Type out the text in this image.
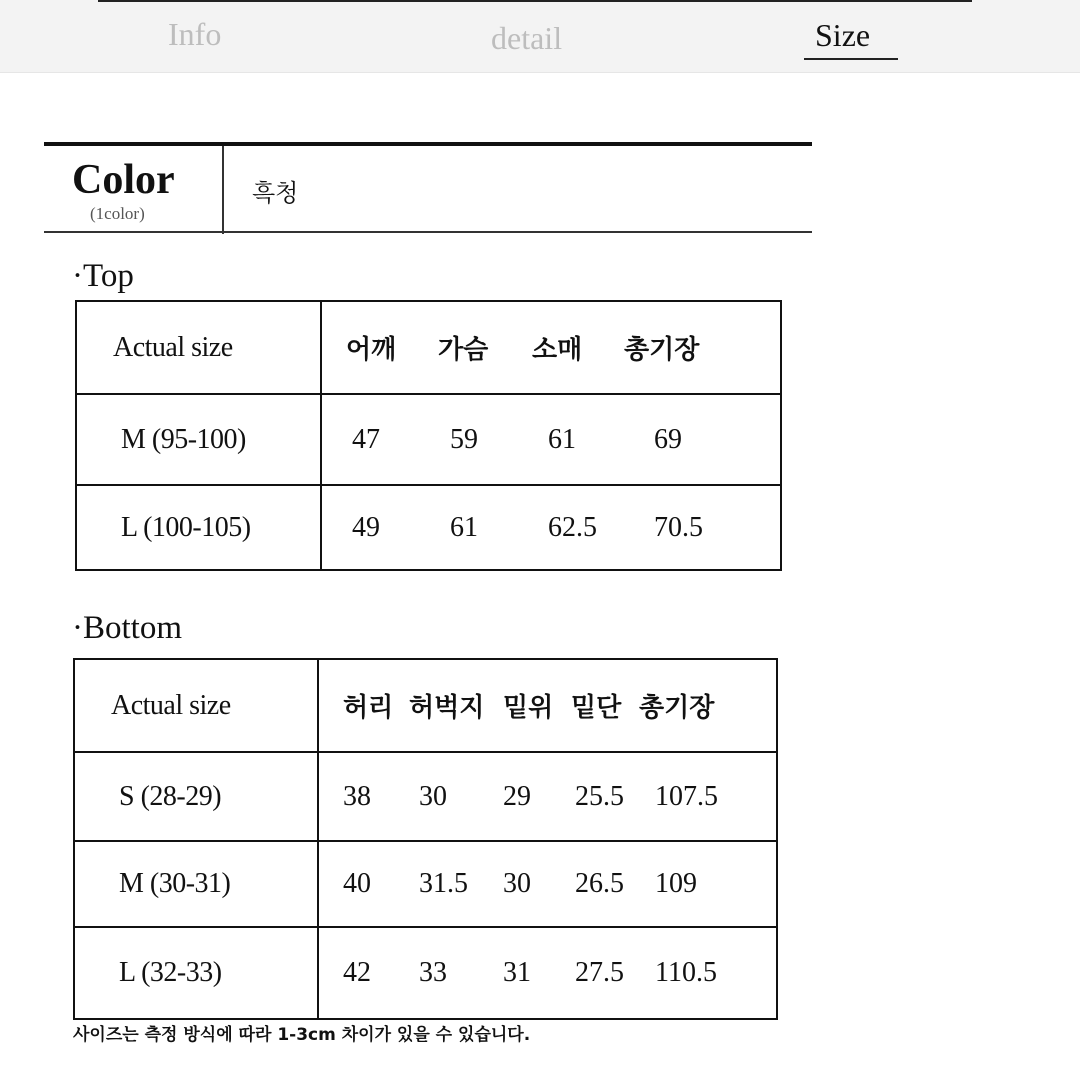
Info	detail	Size
Color
(1color)
흑청
·Top
Actual size	어깨 가슴 소매 총기장

M (95-100)	47 59 61 69

L (100-105)	49 61 62.5 70.5
·Bottom
Actual size	허리 허벅지 밑위 밑단 총기장

S (28-29)	38 30 29 25.5 107.5

M (30-31)	40 31.5 30 26.5 109

L (32-33)	42 33 31 27.5 110.5
사이즈는 측정 방식에 따라 1-3cm 차이가 있을 수 있습니다.
